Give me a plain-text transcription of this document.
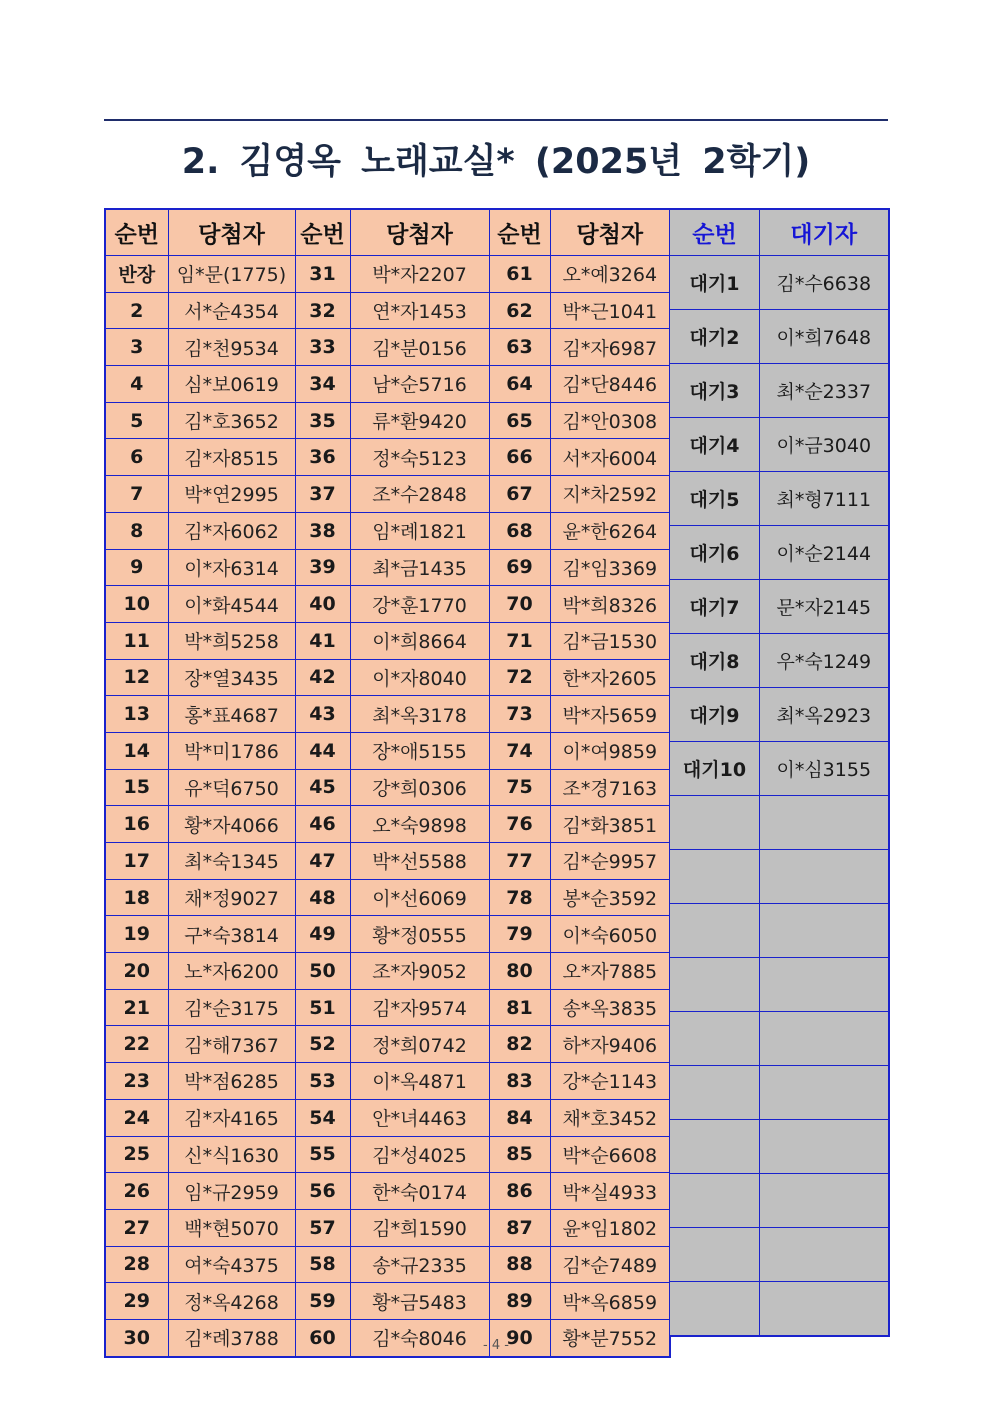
2. 김영옥 노래교실* (2025년 2학기)
순번	당첨자	순번	당첨자	순번	당첨자
반장	임*문(1775)	31	박*자2207	61	오*예3264
2	서*순4354	32	연*자1453	62	박*근1041
3	김*천9534	33	김*분0156	63	김*자6987
4	심*보0619	34	남*순5716	64	김*단8446
5	김*호3652	35	류*환9420	65	김*안0308
6	김*자8515	36	정*숙5123	66	서*자6004
7	박*연2995	37	조*수2848	67	지*차2592
8	김*자6062	38	임*례1821	68	윤*한6264
9	이*자6314	39	최*금1435	69	김*임3369
10	이*화4544	40	강*훈1770	70	박*희8326
11	박*희5258	41	이*희8664	71	김*금1530
12	장*열3435	42	이*자8040	72	한*자2605
13	홍*표4687	43	최*옥3178	73	박*자5659
14	박*미1786	44	장*애5155	74	이*여9859
15	유*덕6750	45	강*희0306	75	조*경7163
16	황*자4066	46	오*숙9898	76	김*화3851
17	최*숙1345	47	박*선5588	77	김*순9957
18	채*정9027	48	이*선6069	78	봉*순3592
19	구*숙3814	49	황*정0555	79	이*숙6050
20	노*자6200	50	조*자9052	80	오*자7885
21	김*순3175	51	김*자9574	81	송*옥3835
22	김*해7367	52	정*희0742	82	하*자9406
23	박*점6285	53	이*옥4871	83	강*순1143
24	김*자4165	54	안*녀4463	84	채*호3452
25	신*식1630	55	김*성4025	85	박*순6608
26	임*규2959	56	한*숙0174	86	박*실4933
27	백*현5070	57	김*희1590	87	윤*임1802
28	여*숙4375	58	송*규2335	88	김*순7489
29	정*옥4268	59	황*금5483	89	박*옥6859
30	김*례3788	60	김*숙8046	90	황*분7552
순번	대기자
대기1	김*수6638
대기2	이*희7648
대기3	최*순2337
대기4	이*금3040
대기5	최*형7111
대기6	이*순2144
대기7	문*자2145
대기8	우*숙1249
대기9	최*옥2923
대기10	이*심3155

- 4 -
